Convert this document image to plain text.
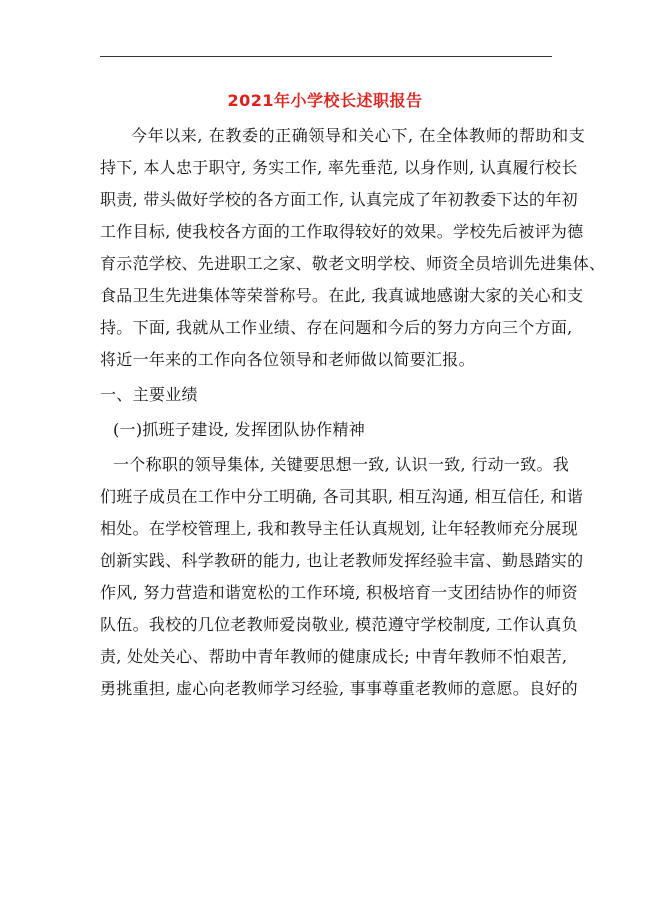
2021年小学校长述职报告
今年以来, 在教委的正确领导和关心下, 在全体教师的帮助和支
持下, 本人忠于职守, 务实工作, 率先垂范, 以身作则, 认真履行校长
职责, 带头做好学校的各方面工作, 认真完成了年初教委下达的年初
工作目标, 使我校各方面的工作取得较好的效果。学校先后被评为德
育示范学校、先进职工之家、敬老文明学校、师资全员培训先进集体、
食品卫生先进集体等荣誉称号。在此, 我真诚地感谢大家的关心和支
持。下面, 我就从工作业绩、存在问题和今后的努力方向三个方面,
将近一年来的工作向各位领导和老师做以简要汇报。
一、主要业绩
(一)抓班子建设, 发挥团队协作精神
一个称职的领导集体, 关键要思想一致, 认识一致, 行动一致。我
们班子成员在工作中分工明确, 各司其职, 相互沟通, 相互信任, 和谐
相处。在学校管理上, 我和教导主任认真规划, 让年轻教师充分展现
创新实践、科学教研的能力, 也让老教师发挥经验丰富、勤恳踏实的
作风, 努力营造和谐宽松的工作环境, 积极培育一支团结协作的师资
队伍。我校的几位老教师爱岗敬业, 模范遵守学校制度, 工作认真负
责, 处处关心、帮助中青年教师的健康成长; 中青年教师不怕艰苦,
勇挑重担, 虚心向老教师学习经验, 事事尊重老教师的意愿。良好的
